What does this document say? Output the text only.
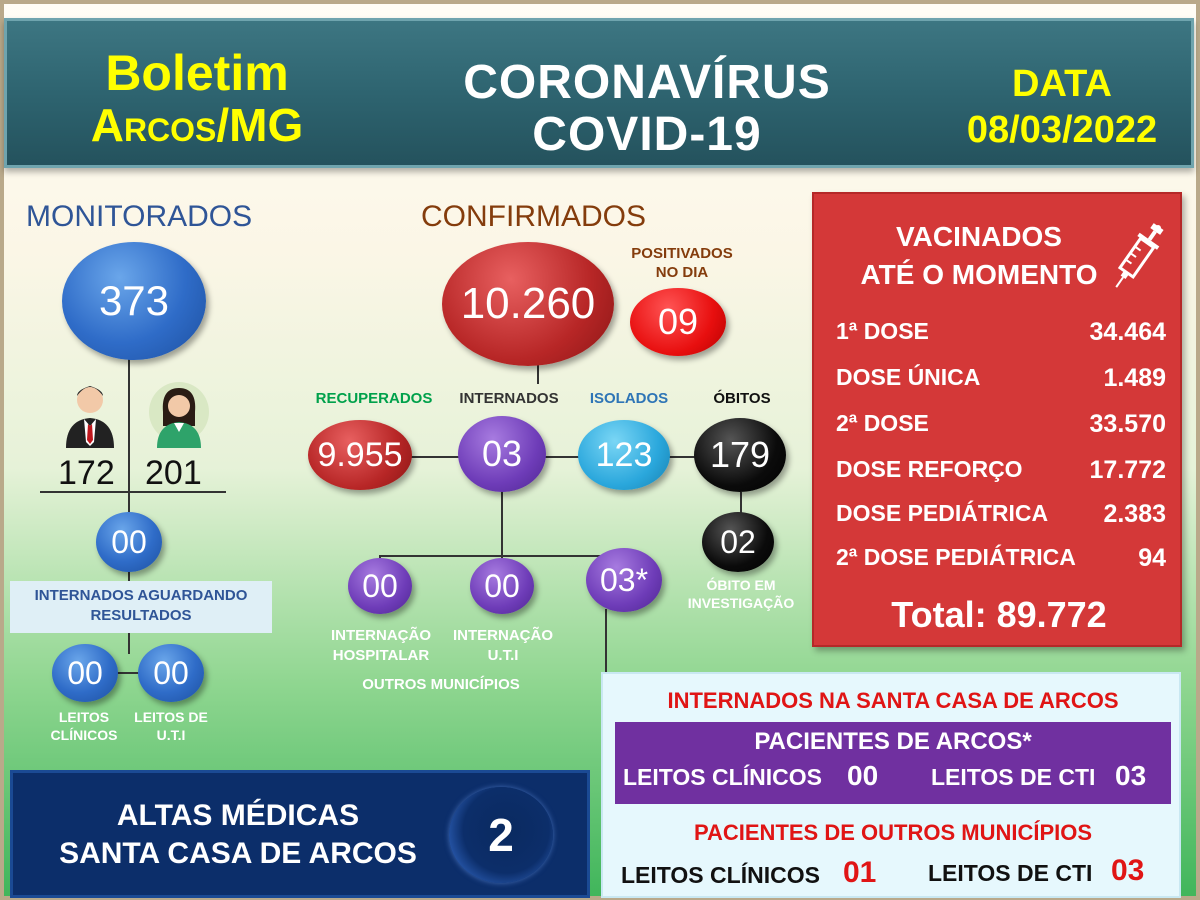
Boletim
Arcos/MG
CORONAVÍRUS
COVID-19
DATA
08/03/2022
MONITORADOS
373
172 201
00
INTERNADOS AGUARDANDO RESULTADOS
00 00
LEITOS CLÍNICOS
LEITOS DE U.T.I
CONFIRMADOS
10.260
POSITIVADOS NO DIA
09
RECUPERADOS	INTERNADOS	ISOLADOS	ÓBITOS
9.955 03 123 179
02
ÓBITO EM INVESTIGAÇÃO
00	00	03*
INTERNAÇÃO HOSPITALAR
INTERNAÇÃO U.T.I
OUTROS MUNICÍPIOS
VACINADOS
ATÉ O MOMENTO
1ª DOSE	34.464
DOSE ÚNICA	1.489
2ª DOSE	33.570
DOSE REFORÇO	17.772
DOSE PEDIÁTRICA 2.383
2ª DOSE PEDIÁTRICA 94
Total: 89.772
INTERNADOS NA SANTA CASA DE ARCOS
PACIENTES DE ARCOS*
LEITOS CLÍNICOS 00 LEITOS DE CTI 03
PACIENTES DE OUTROS MUNICÍPIOS
LEITOS CLÍNICOS 01 LEITOS DE CTI 03
ALTAS MÉDICAS
SANTA CASA DE ARCOS	2
